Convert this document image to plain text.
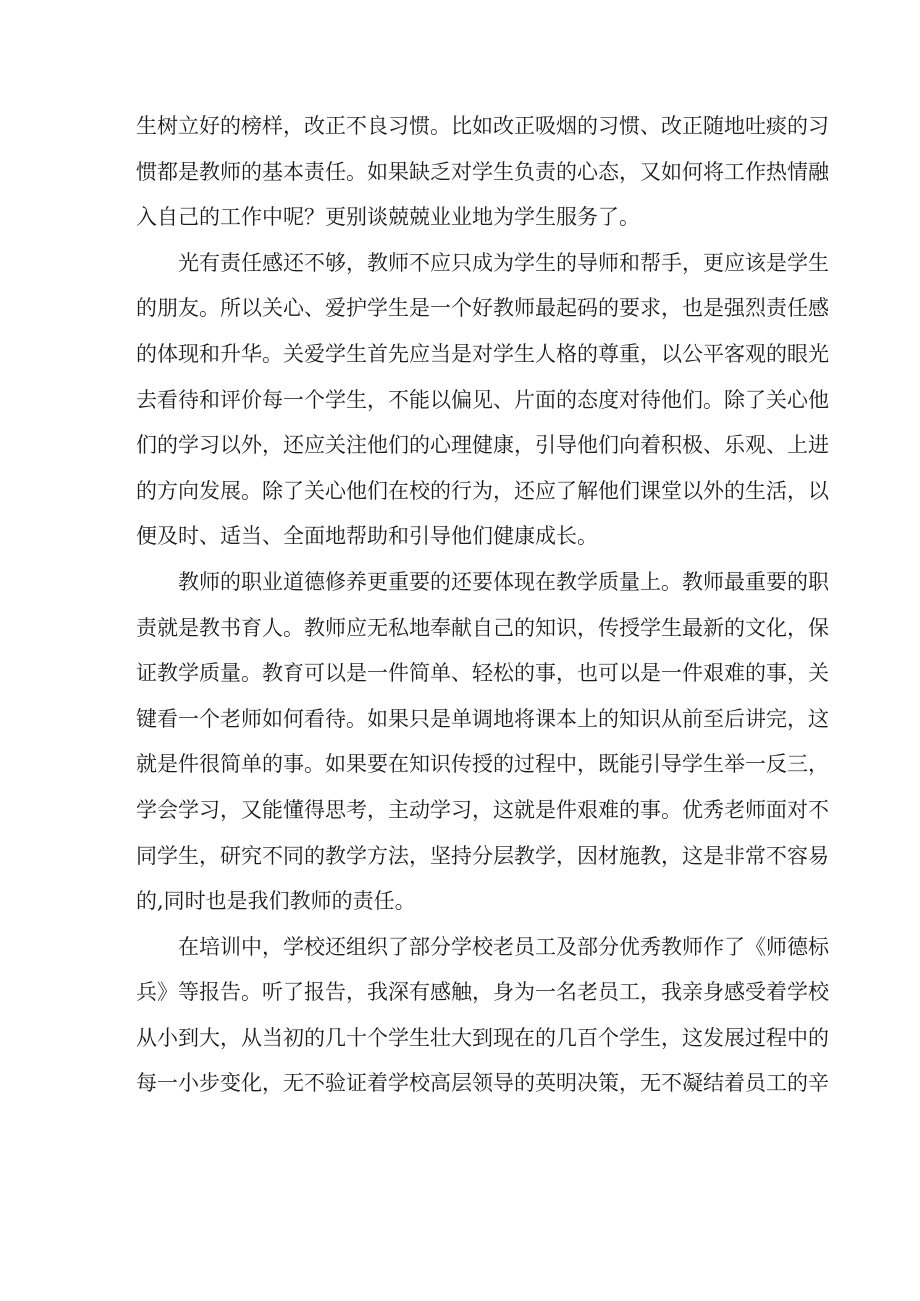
生树立好的榜样，改正不良习惯。比如改正吸烟的习惯、改正随地吐痰的习
惯都是教师的基本责任。如果缺乏对学生负责的心态，又如何将工作热情融
入自己的工作中呢？更别谈兢兢业业地为学生服务了。
光有责任感还不够，教师不应只成为学生的导师和帮手，更应该是学生
的朋友。所以关心、爱护学生是一个好教师最起码的要求，也是强烈责任感
的体现和升华。关爱学生首先应当是对学生人格的尊重，以公平客观的眼光
去看待和评价每一个学生，不能以偏见、片面的态度对待他们。除了关心他
们的学习以外，还应关注他们的心理健康，引导他们向着积极、乐观、上进
的方向发展。除了关心他们在校的行为，还应了解他们课堂以外的生活，以
便及时、适当、全面地帮助和引导他们健康成长。
教师的职业道德修养更重要的还要体现在教学质量上。教师最重要的职
责就是教书育人。教师应无私地奉献自己的知识，传授学生最新的文化，保
证教学质量。教育可以是一件简单、轻松的事，也可以是一件艰难的事，关
键看一个老师如何看待。如果只是单调地将课本上的知识从前至后讲完，这
就是件很简单的事。如果要在知识传授的过程中，既能引导学生举一反三，
学会学习，又能懂得思考，主动学习，这就是件艰难的事。优秀老师面对不
同学生，研究不同的教学方法，坚持分层教学，因材施教，这是非常不容易
的,同时也是我们教师的责任。
在培训中，学校还组织了部分学校老员工及部分优秀教师作了《师德标
兵》等报告。听了报告，我深有感触，身为一名老员工，我亲身感受着学校
从小到大，从当初的几十个学生壮大到现在的几百个学生，这发展过程中的
每一小步变化，无不验证着学校高层领导的英明决策，无不凝结着员工的辛
